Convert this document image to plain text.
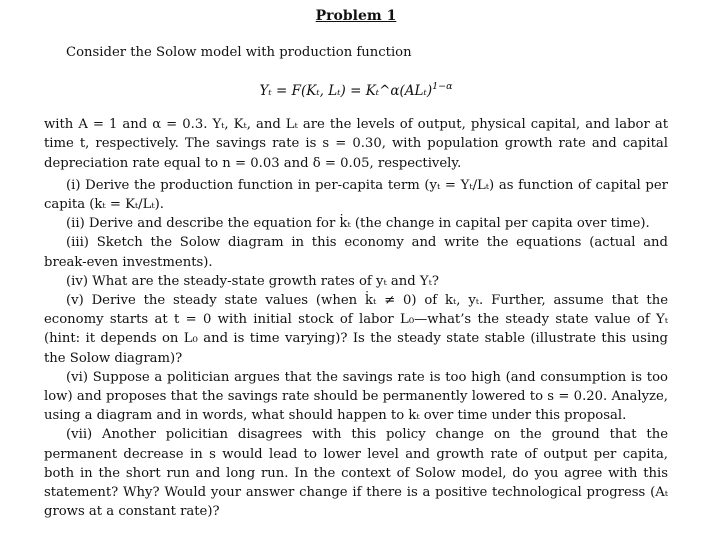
Problem 1

Consider the Solow model with production function

Yₜ = F(Kₜ, $L_t) = K_t\^{}\alpha(AL_t)^{1-\alpha}$

with A = 1 and α = 0.3. Yₜ, Kₜ, and Lₜ are the levels of output, physical capital, and labor at time t, respectively. The savings rate is s = 0.30, with population growth rate and capital depreciation rate equal to n = 0.03 and δ = 0.05, respectively.

(i) Derive the production function in per-capita term (yₜ = Yₜ/Lₜ) as function of capital per capita (kₜ = Kₜ/Lₜ).

(ii) Derive and describe the equation for k̇ₜ (the change in capital per capita over time).

(iii) Sketch the Solow diagram in this economy and write the equations (actual and break-even investments).

(iv) What are the steady-state growth rates of yₜ and Yₜ?

(v) Derive the steady state values (when k̇ₜ ≠ 0) of kₜ, yₜ. Further, assume that the economy starts at t = 0 with initial stock of labor L₀—what’s the steady state value of Yₜ (hint: it depends on L₀ and is time varying)? Is the steady state stable (illustrate this using the Solow diagram)?

(vi) Suppose a politician argues that the savings rate is too high (and consumption is too low) and proposes that the savings rate should be permanently lowered to s = 0.20. Analyze, using a diagram and in words, what should happen to kₜ over time under this proposal.

(vii) Another policitian disagrees with this policy change on the ground that the permanent decrease in s would lead to lower level and growth rate of output per capita, both in the short run and long run. In the context of Solow model, do you agree with this statement? Why? Would your answer change if there is a positive technological progress (Aₜ grows at a constant rate)?
